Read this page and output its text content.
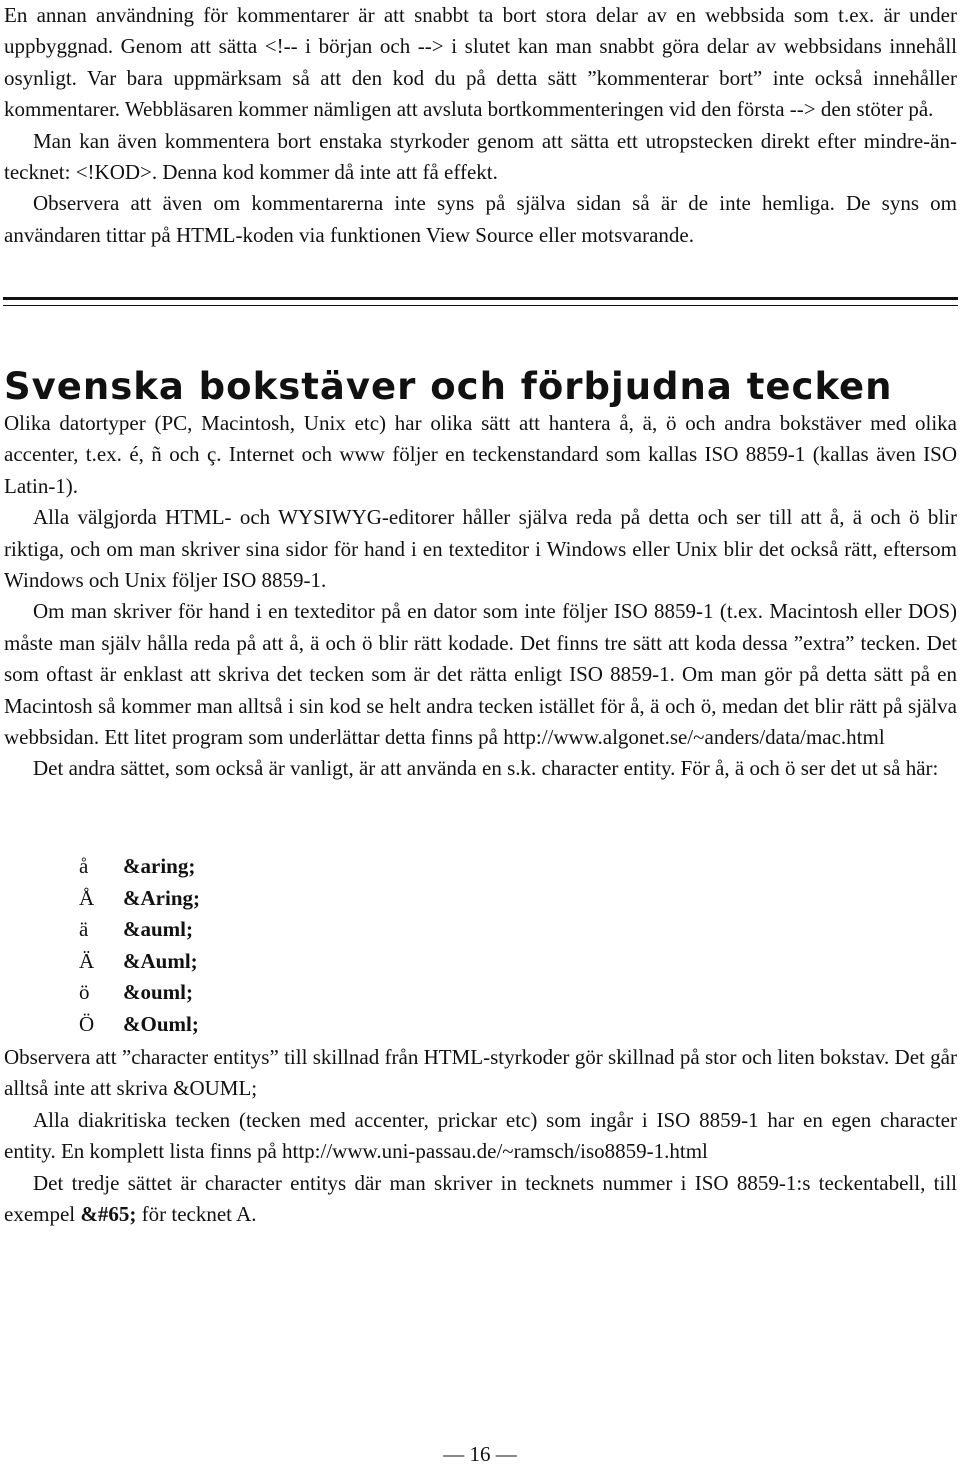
En annan användning för kommentarer är att snabbt ta bort stora delar av en webbsida som t.ex. är under uppbyggnad. Genom att sätta <!-- i början och --> i slutet kan man snabbt göra delar av webbsidans innehåll osynligt. Var bara uppmärksam så att den kod du på detta sätt ”kommenterar bort” inte också innehåller kommentarer. Webbläsaren kommer nämligen att avsluta bortkommenteringen vid den första --> den stöter på.

Man kan även kommentera bort enstaka styrkoder genom att sätta ett utropstecken direkt efter mindre-än-tecknet: <!KOD>. Denna kod kommer då inte att få effekt.

Observera att även om kommentarerna inte syns på själva sidan så är de inte hemliga. De syns om användaren tittar på HTML-koden via funktionen View Source eller motsvarande.

Svenska bokstäver och förbjudna tecken

Olika datortyper (PC, Macintosh, Unix etc) har olika sätt att hantera å, ä, ö och andra bokstäver med olika accenter, t.ex. é, ñ och ç. Internet och www följer en teckenstandard som kallas ISO 8859-1 (kallas även ISO Latin-1).

Alla välgjorda HTML- och WYSIWYG-editorer håller själva reda på detta och ser till att å, ä och ö blir riktiga, och om man skriver sina sidor för hand i en texteditor i Windows eller Unix blir det också rätt, eftersom Windows och Unix följer ISO 8859-1.

Om man skriver för hand i en texteditor på en dator som inte följer ISO 8859-1 (t.ex. Macintosh eller DOS) måste man själv hålla reda på att å, ä och ö blir rätt kodade. Det finns tre sätt att koda dessa ”extra” tecken. Det som oftast är enklast att skriva det tecken som är det rätta enligt ISO 8859-1. Om man gör på detta sätt på en Macintosh så kommer man alltså i sin kod se helt andra tecken istället för å, ä och ö, medan det blir rätt på själva webbsidan. Ett litet program som underlättar detta finns på http://www.algonet.se/~anders/data/mac.html

Det andra sättet, som också är vanligt, är att använda en s.k. character entity. För å, ä och ö ser det ut så här:

å &aring;
Å &Aring;
ä &auml;
Ä &Auml;
ö &ouml;
Ö &Ouml;

Observera att ”character entitys” till skillnad från HTML-styrkoder gör skillnad på stor och liten bokstav. Det går alltså inte att skriva &OUML;

Alla diakritiska tecken (tecken med accenter, prickar etc) som ingår i ISO 8859-1 har en egen character entity. En komplett lista finns på http://www.uni-passau.de/~ramsch/iso8859-1.html

Det tredje sättet är character entitys där man skriver in tecknets nummer i ISO 8859-1:s teckentabell, till exempel &#65; för tecknet A.

— 16 —
